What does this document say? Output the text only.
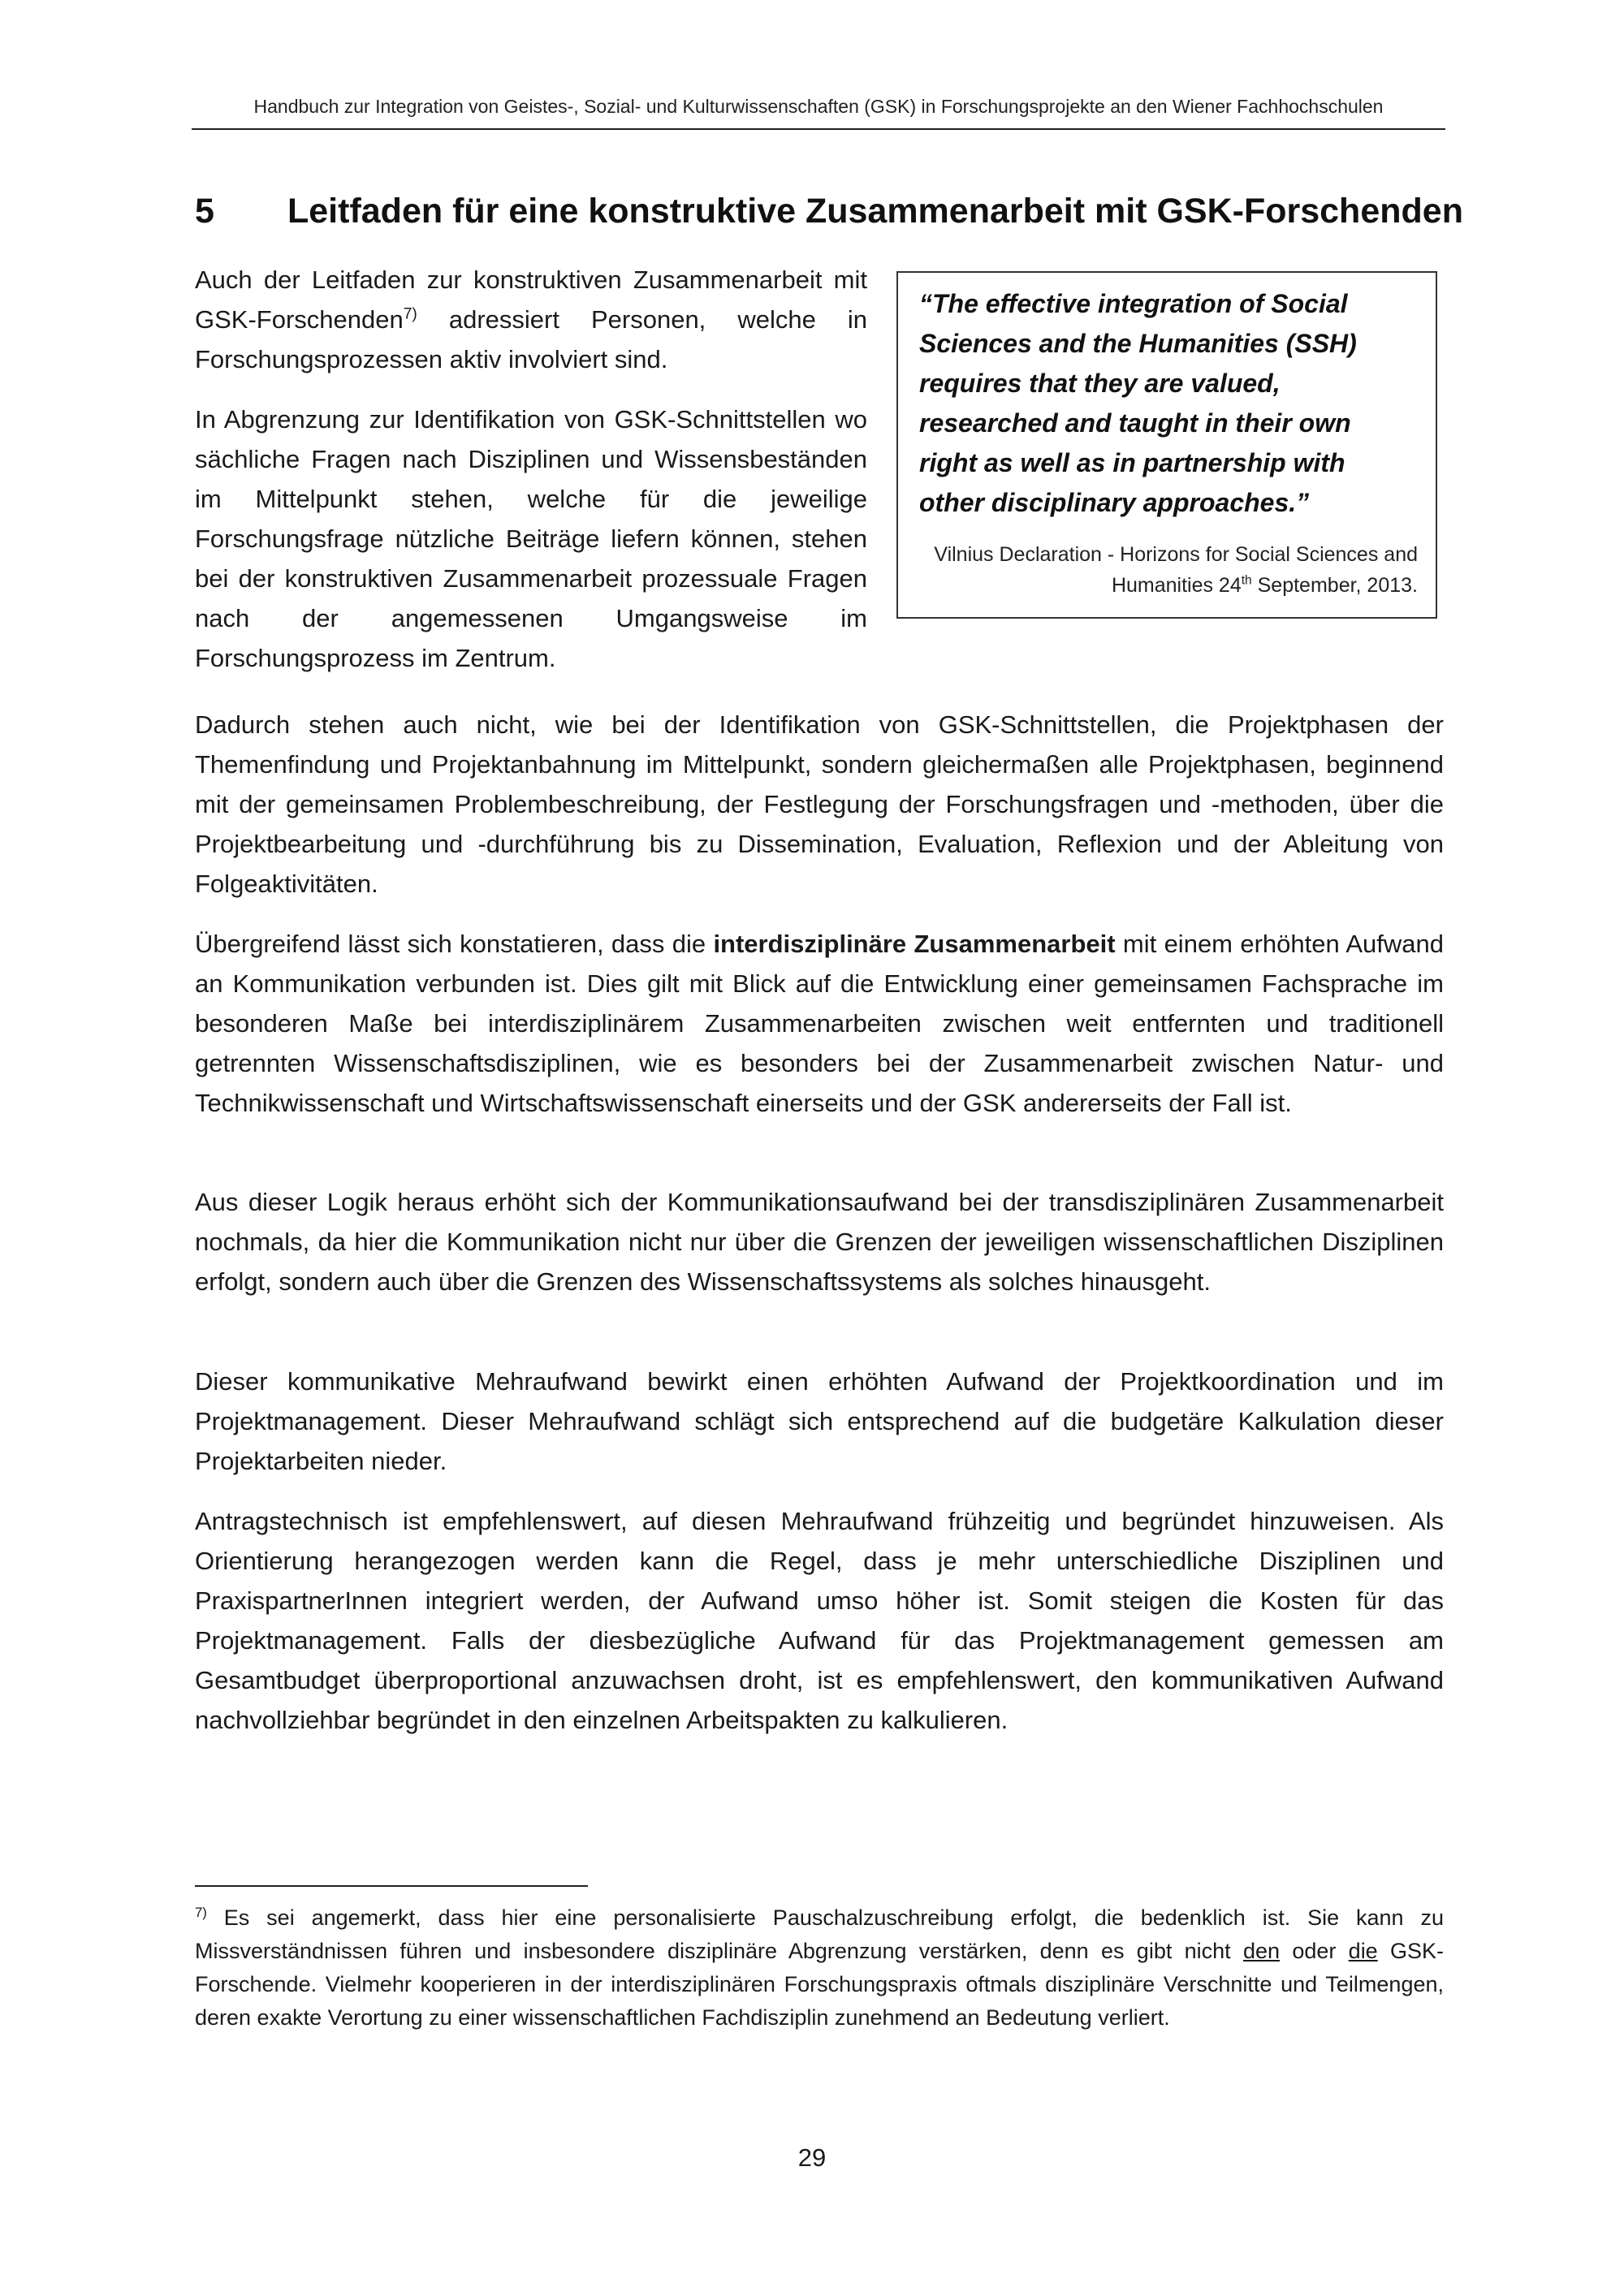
Handbuch zur Integration von Geistes-, Sozial- und Kulturwissenschaften (GSK) in Forschungsprojekte an den Wiener Fachhochschulen
5 Leitfaden für eine konstruktive Zusammenarbeit mit GSK-Forschenden

Auch der Leitfaden zur konstruktiven Zusammenarbeit mit GSK-Forschenden$^{7)}$ adressiert Personen, welche in Forschungsprozessen aktiv involviert sind.

In Abgrenzung zur Identifikation von GSK-Schnittstellen wo sächliche Fragen nach Disziplinen und Wissensbeständen im Mittelpunkt stehen, welche für die jeweilige Forschungsfrage nützliche Beiträge liefern können, stehen bei der konstruktiven Zusammenarbeit prozessuale Fragen nach der angemessenen Umgangsweise im Forschungsprozess im Zentrum.

“The effective integration of Social Sciences and the Humanities (SSH) requires that they are valued, researched and taught in their own right as well as in partnership with other disciplinary approaches.”

Vilnius Declaration - Horizons for Social Sciences and Humanities 24th September, 2013.

Dadurch stehen auch nicht, wie bei der Identifikation von GSK-Schnittstellen, die Projektphasen der Themenfindung und Projektanbahnung im Mittelpunkt, sondern gleichermaßen alle Projektphasen, beginnend mit der gemeinsamen Problembeschreibung, der Festlegung der Forschungsfragen und -methoden, über die Projektbearbeitung und -durchführung bis zu Dissemination, Evaluation, Reflexion und der Ableitung von Folgeaktivitäten.

Übergreifend lässt sich konstatieren, dass die interdisziplinäre Zusammenarbeit mit einem erhöhten Aufwand an Kommunikation verbunden ist. Dies gilt mit Blick auf die Entwicklung einer gemeinsamen Fachsprache im besonderen Maße bei interdisziplinärem Zusammenarbeiten zwischen weit entfernten und traditionell getrennten Wissenschaftsdisziplinen, wie es besonders bei der Zusammenarbeit zwischen Natur- und Technikwissenschaft und Wirtschaftswissenschaft einerseits und der GSK andererseits der Fall ist.

Aus dieser Logik heraus erhöht sich der Kommunikationsaufwand bei der transdisziplinären Zusammenarbeit nochmals, da hier die Kommunikation nicht nur über die Grenzen der jeweiligen wissenschaftlichen Disziplinen erfolgt, sondern auch über die Grenzen des Wissenschaftssystems als solches hinausgeht.

Dieser kommunikative Mehraufwand bewirkt einen erhöhten Aufwand der Projektkoordination und im Projektmanagement. Dieser Mehraufwand schlägt sich entsprechend auf die budgetäre Kalkulation dieser Projektarbeiten nieder.

Antragstechnisch ist empfehlenswert, auf diesen Mehraufwand frühzeitig und begründet hinzuweisen. Als Orientierung herangezogen werden kann die Regel, dass je mehr unterschiedliche Disziplinen und PraxispartnerInnen integriert werden, der Aufwand umso höher ist. Somit steigen die Kosten für das Projektmanagement. Falls der diesbezügliche Aufwand für das Projektmanagement gemessen am Gesamtbudget überproportional anzuwachsen droht, ist es empfehlenswert, den kommunikativen Aufwand nachvollziehbar begründet in den einzelnen Arbeitspakten zu kalkulieren.

$^{7)}$ Es sei angemerkt, dass hier eine personalisierte Pauschalzuschreibung erfolgt, die bedenklich ist. Sie kann zu Missverständnissen führen und insbesondere disziplinäre Abgrenzung verstärken, denn es gibt nicht den oder die GSK-Forschende. Vielmehr kooperieren in der interdisziplinären Forschungspraxis oftmals disziplinäre Verschnitte und Teilmengen, deren exakte Verortung zu einer wissenschaftlichen Fachdisziplin zunehmend an Bedeutung verliert.

29
